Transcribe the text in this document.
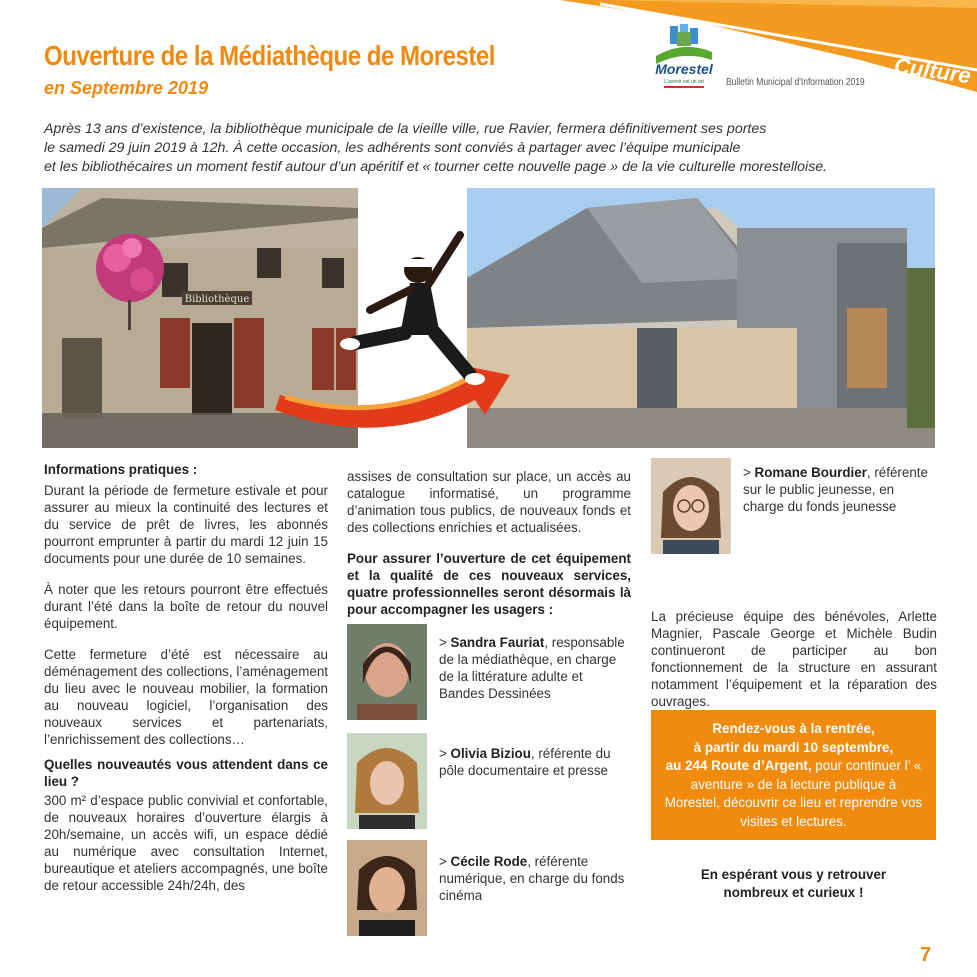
Culture
Morestel
L'avenir est un art Bulletin Municipal d'Information 2019
Ouverture de la Médiathèque de Morestel
en Septembre 2019

Après 13 ans d’existence, la bibliothèque municipale de la vieille ville, rue Ravier, fermera définitivement ses portes

le samedi 29 juin 2019 à 12h. À cette occasion, les adhérents sont conviés à partager avec l’équipe municipale

et les bibliothécaires un moment festif autour d’un apéritif et « tourner cette nouvelle page » de la vie culturelle morestelloise.

Bibliothèque
Informations pratiques :

Durant la période de fermeture estivale et pour assurer au mieux la continuité des lectures et du service de prêt de livres, les abonnés pourront emprunter à partir du mardi 12 juin 15 documents pour une durée de 10 semaines.

À noter que les retours pourront être effectués durant l’été dans la boîte de retour du nouvel équipement.

Cette fermeture d’été est nécessaire au déménagement des collections, l’aménagement du lieu avec le nouveau mobilier, la formation au nouveau logiciel, l’organisation des nouveaux services et partenariats, l’enrichissement des collections…

Quelles nouveautés vous attendent dans ce lieu ?

300 m² d’espace public convivial et confortable, de nouveaux horaires d’ouverture élargis à 20h/semaine, un accès wifi, un espace dédié au numérique avec consultation Internet, bureautique et ateliers accompagnés, une boîte de retour accessible 24h/24h, des

assises de consultation sur place, un accès au catalogue informatisé, un programme d’animation tous publics, de nouveaux fonds et des collections enrichies et actualisées.

Pour assurer l’ouverture de cet équipement et la qualité de ces nouveaux services, quatre professionnelles seront désormais là pour accompagner les usagers :
> Sandra Fauriat, responsable de la médiathèque, en charge de la littérature adulte et Bandes Dessinées
> Olivia Biziou, référente du pôle documentaire et presse
> Cécile Rode, référente numérique, en charge du fonds cinéma
> Romane Bourdier, référente sur le public jeunesse, en charge du fonds jeunesse

La précieuse équipe des bénévoles, Arlette Magnier, Pascale George et Michèle Budin continueront de participer au bon fonctionnement de la structure en assurant notamment l’équipement et la réparation des ouvrages.

Rendez-vous à la rentrée,
à partir du mardi 10 septembre,
au 244 Route d’Argent, pour continuer l’ « aventure » de la lecture publique à Morestel, découvrir ce lieu et reprendre vos visites et lectures.
En espérant vous y retrouver
nombreux et curieux !
7
